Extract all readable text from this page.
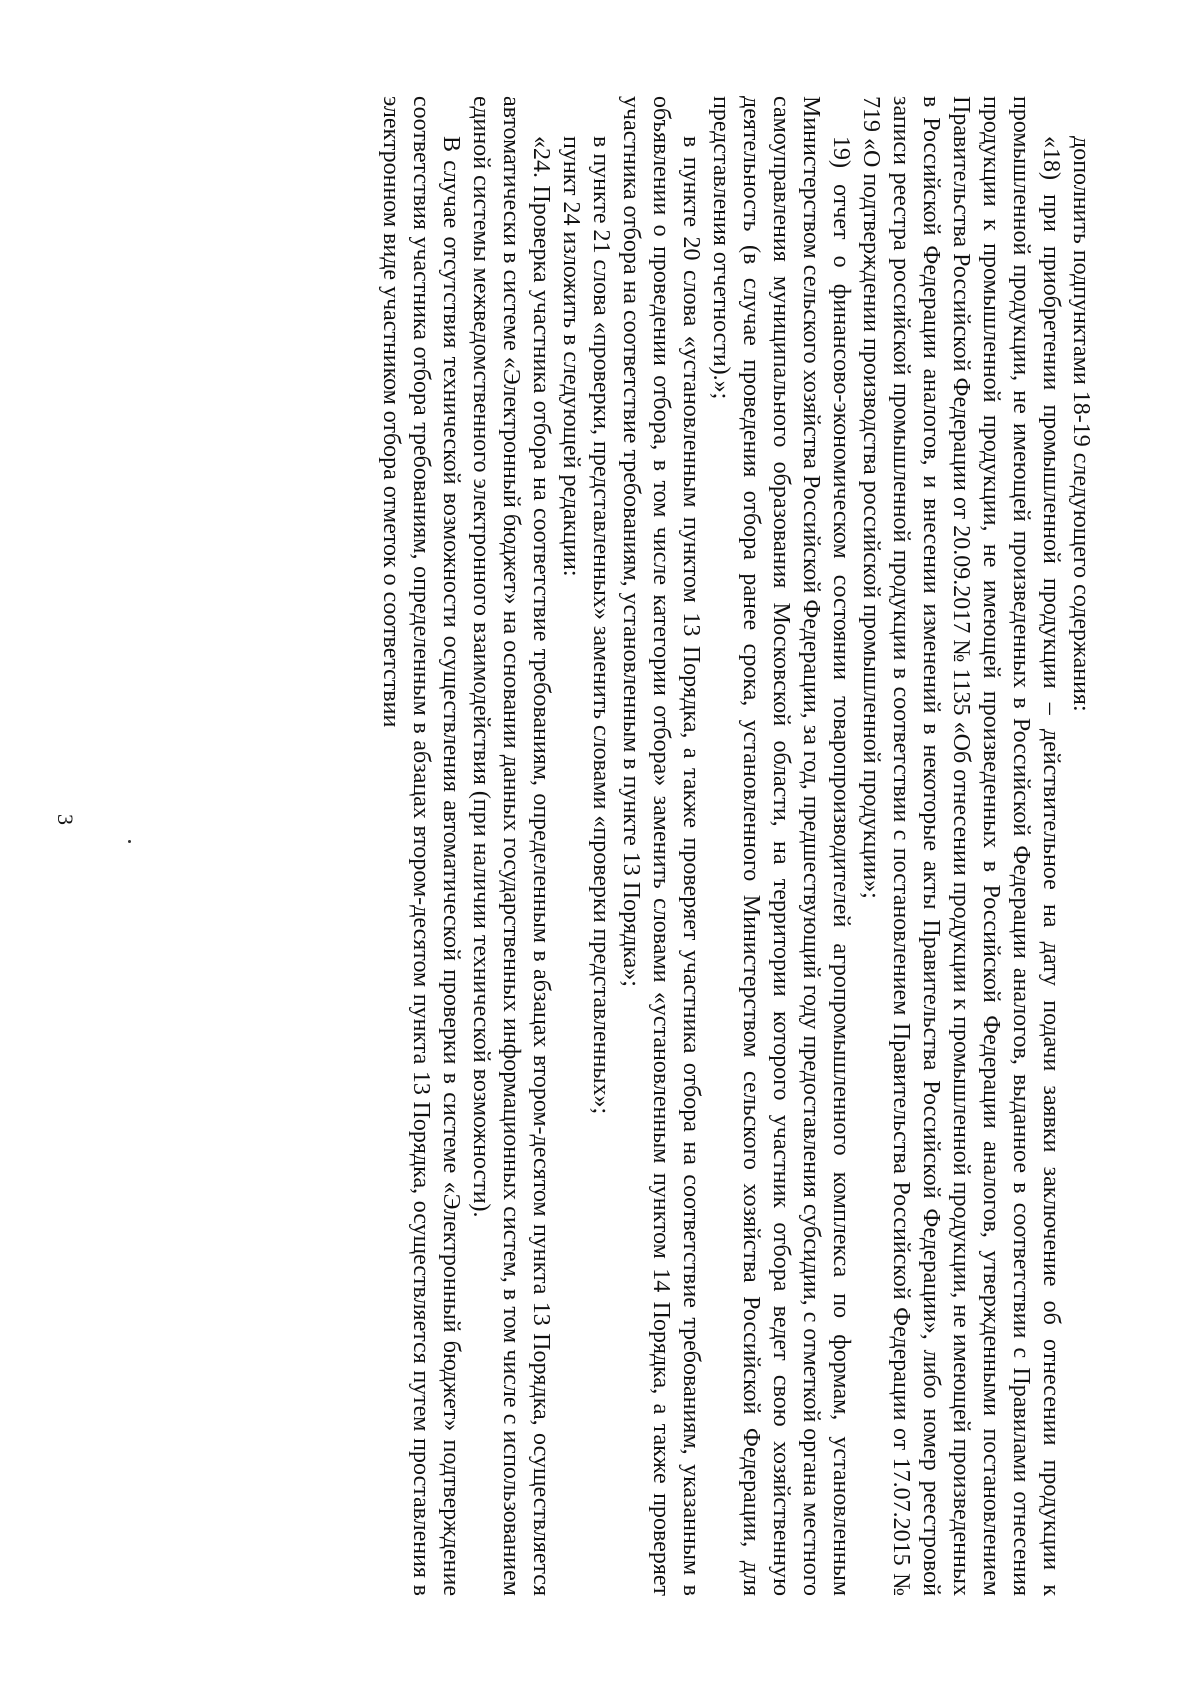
3

дополнить подпунктами 18-19 следующего содержания:

«18) при приобретении промышленной продукции – действительное на дату подачи заявки заключение об отнесении продукции к промышленной продукции, не имеющей произведенных в Российской Федерации аналогов, выданное в соответствии с Правилами отнесения продукции к промышленной продукции, не имеющей произведенных в Российской Федерации аналогов, утвержденными постановлением Правительства Российской Федерации от 20.09.2017 № 1135 «Об отнесении продукции к промышленной продукции, не имеющей произведенных в Российской Федерации аналогов, и внесении изменений в некоторые акты Правительства Российской Федерации», либо номер реестровой записи реестра российской промышленной продукции в соответствии с постановлением Правительства Российской Федерации от 17.07.2015 № 719 «О подтверждении производства российской промышленной продукции»;

19) отчет о финансово-экономическом состоянии товаропроизводителей агропромышленного комплекса по формам, установленным Министерством сельского хозяйства Российской Федерации, за год, предшествующий году предоставления субсидии, с отметкой органа местного самоуправления муниципального образования Московской области, на территории которого участник отбора ведет свою хозяйственную деятельность (в случае проведения отбора ранее срока, установленного Министерством сельского хозяйства Российской Федерации, для представления отчетности).»;

в пункте 20 слова «установленным пунктом 13 Порядка, а также проверяет участника отбора на соответствие требованиям, указанным в объявлении о проведении отбора, в том числе категории отбора» заменить словами «установленным пунктом 14 Порядка, а также проверяет участника отбора на соответствие требованиям, установленным в пункте 13 Порядка»;

в пункте 21 слова «проверки, представленных» заменить словами «проверки представленных»;

пункт 24 изложить в следующей редакции:

«24. Проверка участника отбора на соответствие требованиям, определенным в абзацах втором-десятом пункта 13 Порядка, осуществляется автоматически в системе «Электронный бюджет» на основании данных государственных информационных систем, в том числе с использованием единой системы межведомственного электронного взаимодействия (при наличии технической возможности).

В случае отсутствия технической возможности осуществления автоматической проверки в системе «Электронный бюджет» подтверждение соответствия участника отбора требованиям, определенным в абзацах втором-десятом пункта 13 Порядка, осуществляется путем проставления в электронном виде участником отбора отметок о соответствии
